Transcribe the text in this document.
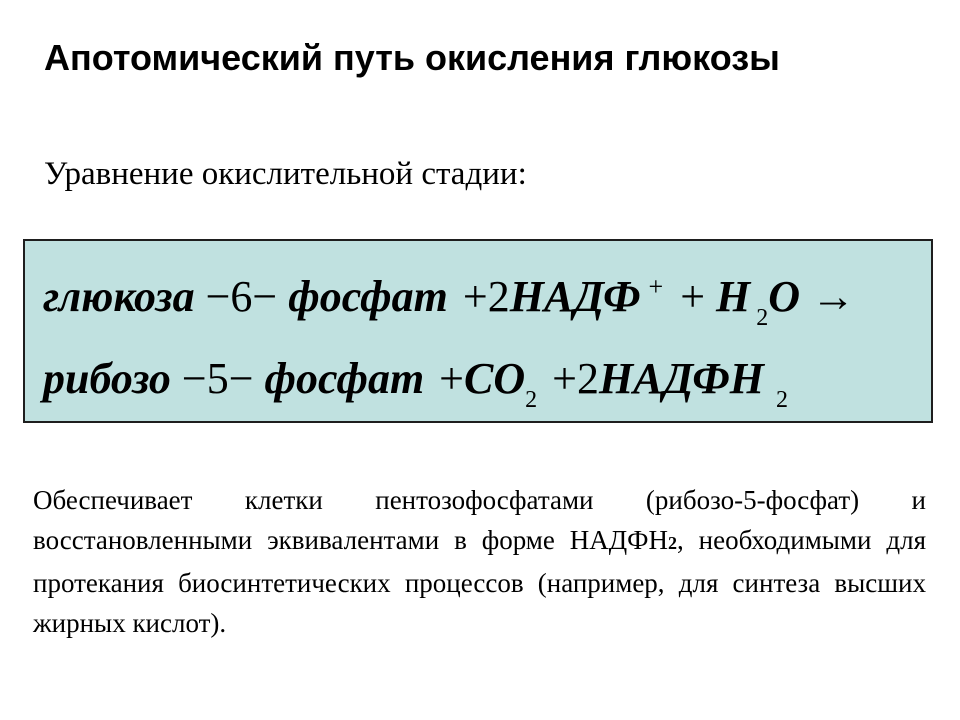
Апотомический путь окисления глюкозы
Уравнение окислительной стадии:
глюкоза −6− фосфат +2НАДФ + + Н $_2$О →
рибозо −5− фосфат $+СО_2$ +2НАДФН $_2$

Обеспечивает клетки пентозофосфатами (рибозо-5-фосфат) и восстановленными эквивалентами в форме НАДФН2, необходимыми для протекания биосинтетических процессов (например, для синтеза высших жирных кислот).
